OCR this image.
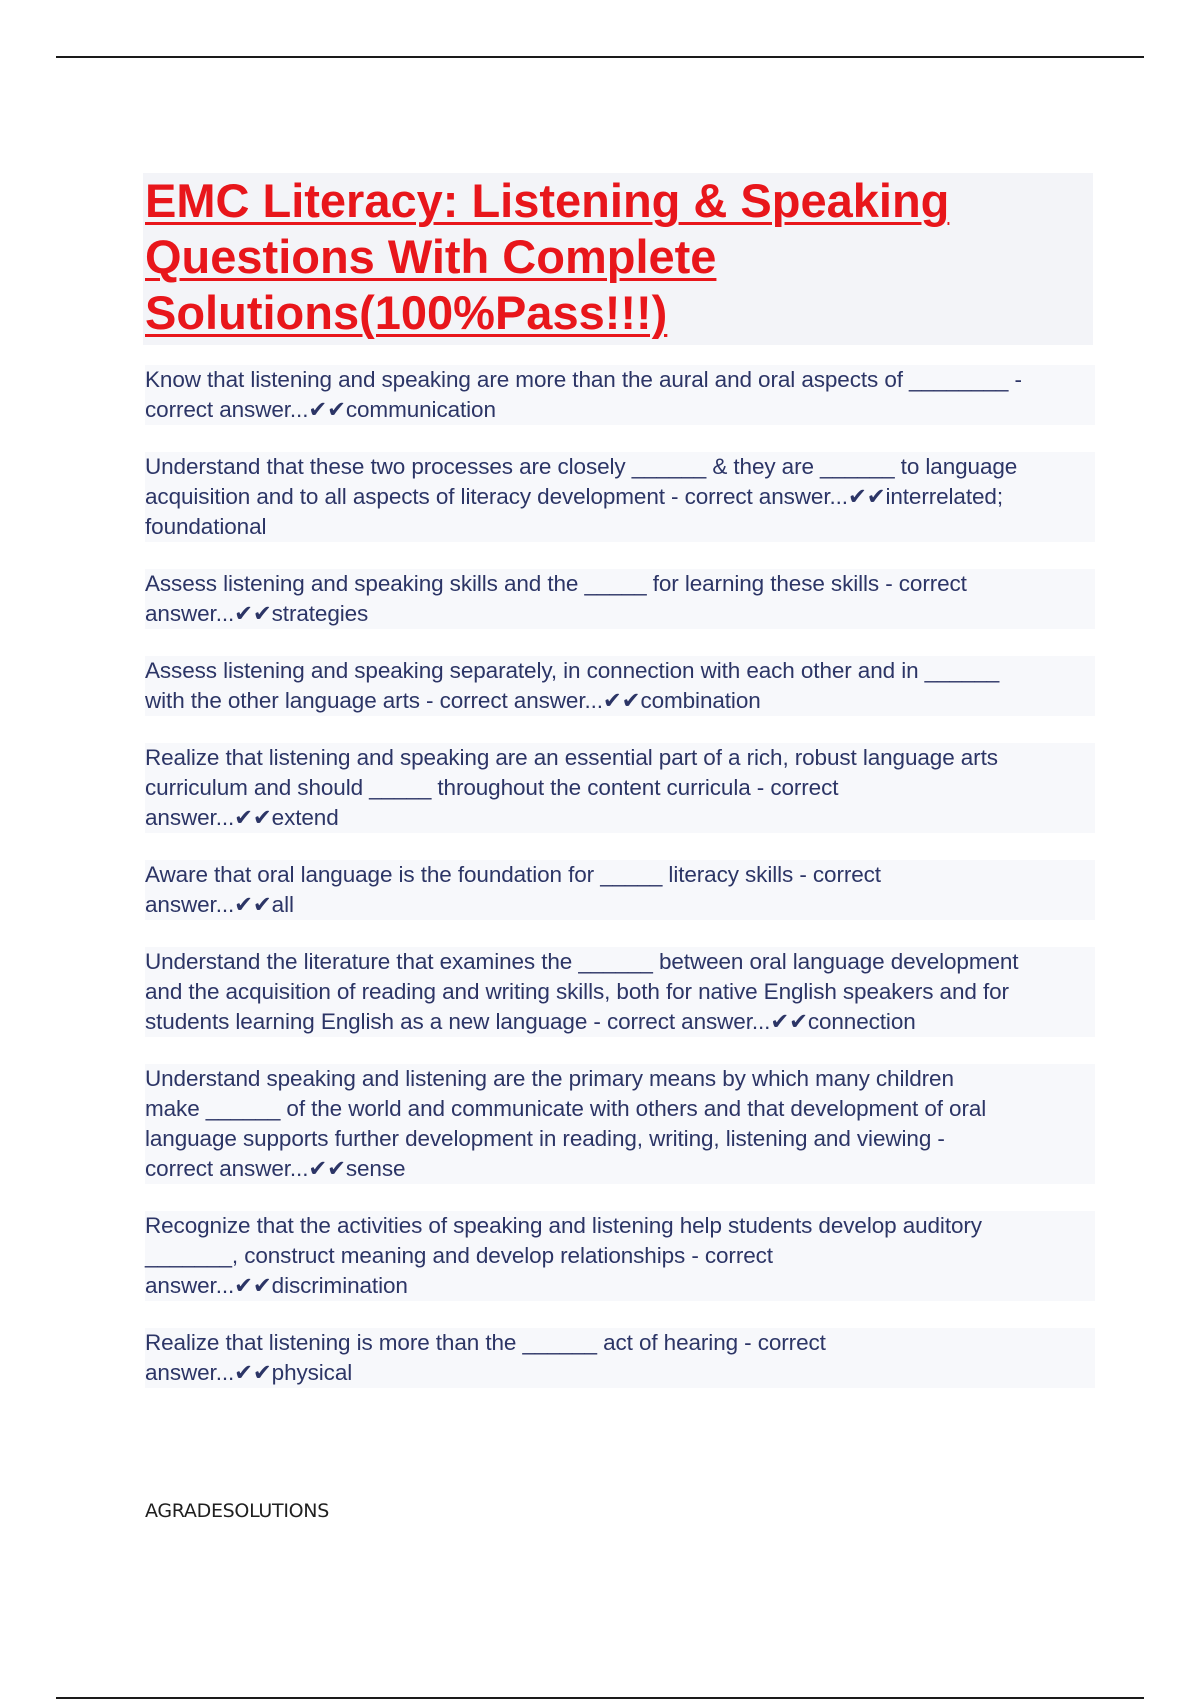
EMC Literacy: Listening & Speaking Questions With Complete Solutions(100%Pass!!!)
Know that listening and speaking are more than the aural and oral aspects of ________ -
correct answer...✔✔communication
Understand that these two processes are closely ______ & they are ______ to language
acquisition and to all aspects of literacy development - correct answer...✔✔interrelated;
foundational
Assess listening and speaking skills and the _____ for learning these skills - correct
answer...✔✔strategies
Assess listening and speaking separately, in connection with each other and in ______
with the other language arts - correct answer...✔✔combination
Realize that listening and speaking are an essential part of a rich, robust language arts
curriculum and should _____ throughout the content curricula - correct
answer...✔✔extend
Aware that oral language is the foundation for _____ literacy skills - correct
answer...✔✔all
Understand the literature that examines the ______ between oral language development
and the acquisition of reading and writing skills, both for native English speakers and for
students learning English as a new language - correct answer...✔✔connection
Understand speaking and listening are the primary means by which many children
make ______ of the world and communicate with others and that development of oral
language supports further development in reading, writing, listening and viewing -
correct answer...✔✔sense
Recognize that the activities of speaking and listening help students develop auditory
_______, construct meaning and develop relationships - correct
answer...✔✔discrimination
Realize that listening is more than the ______ act of hearing - correct
answer...✔✔physical
AGRADESOLUTIONS
